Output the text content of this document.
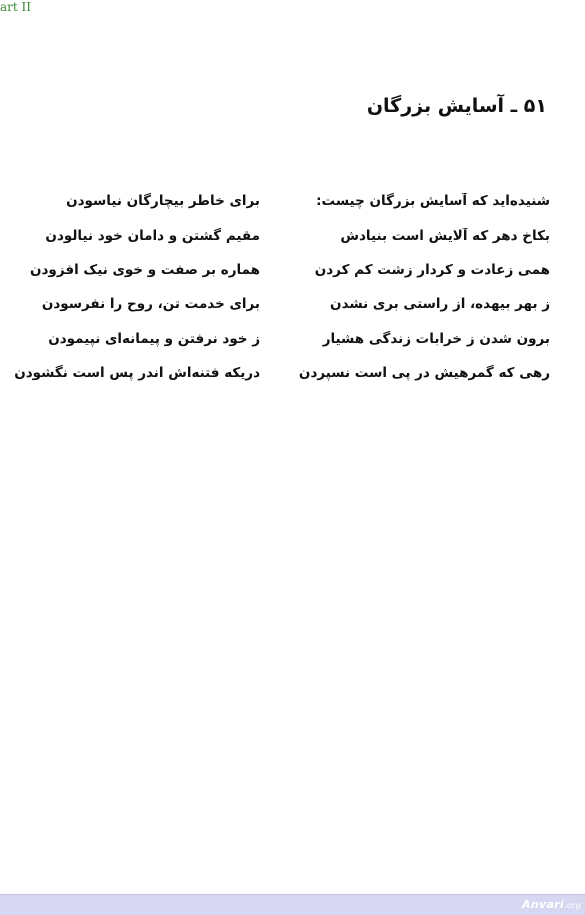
art II
۵۱ ـ آسایش بزرگان
شنیده‌اید که آسایش بزرگان چیست:
برای خاطر بیچارگان نیاسودن
بکاخ دهر که آلایش است بنیادش
مقیم گشتن و دامان خود نیالودن
همی زعادت و کردار زشت کم کردن
هماره بر صفت و خوی نیک افزودن
ز بهر بیهده، از راستی بری نشدن
برای خدمت تن، روح را نفرسودن
برون شدن ز خرابات زندگی هشیار
ز خود نرفتن و پیمانه‌ای نپیمودن
رهی که گمرهیش در پی است نسپردن
دریکه فتنه‌اش اندر پس است نگشودن
Anvari.org
